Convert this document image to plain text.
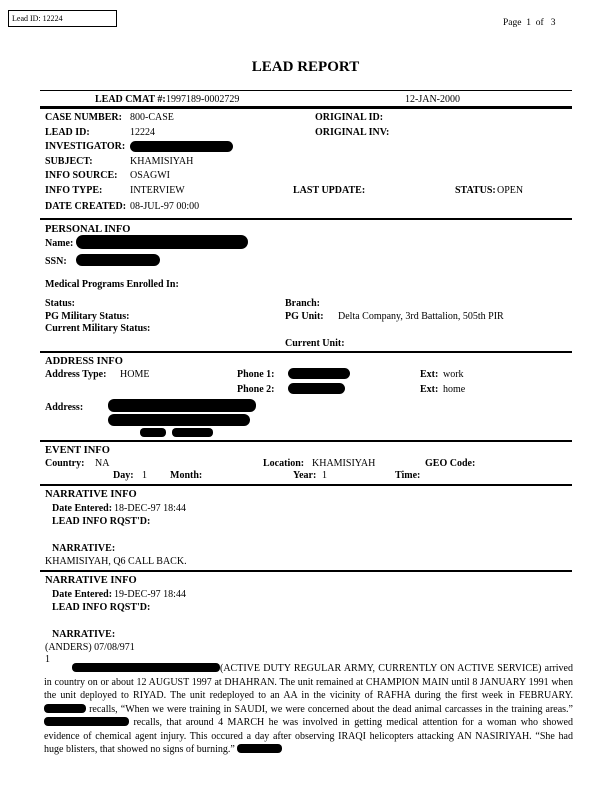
Lead ID: 12224	Page  1  of   3
LEAD REPORT
LEAD CMAT #: 1997189-0002729	12-JAN-2000
CASE NUMBER: 800-CASE	ORIGINAL ID:
LEAD ID:	12224	ORIGINAL INV:
INVESTIGATOR:
SUBJECT:	KHAMISIYAH
INFO SOURCE: OSAGWI
INFO TYPE:	INTERVIEW	LAST UPDATE:	STATUS: OPEN
DATE CREATED: 08-JUL-97 00:00
PERSONAL INFO
Name:
SSN:
Medical Programs Enrolled In:
Status:	Branch:
PG Military Status:	PG Unit: Delta Company, 3rd Battalion, 505th PIR
Current Military Status:
Current Unit:
ADDRESS INFO
Address Type: HOME	Phone 1:	Ext: work
Phone 2:	Ext: home
Address:
EVENT INFO
Country: NA	Location: KHAMISIYAH	GEO Code:
Day: 1 Month:	Year: 1	Time:
NARRATIVE INFO
Date Entered: 18-DEC-97 18:44
LEAD INFO RQST'D:
NARRATIVE:
KHAMISIYAH, Q6 CALL BACK.
NARRATIVE INFO
Date Entered: 19-DEC-97 18:44
LEAD INFO RQST'D:
NARRATIVE:
(ANDERS) 07/08/971
1

(ACTIVE DUTY REGULAR ARMY, CURRENTLY ON ACTIVE SERVICE) arrived in country on or about 12 AUGUST 1997 at DHAHRAN. The unit remained at CHAMPION MAIN until 8 JANUARY 1991 when the unit deployed to RIYAD. The unit redeployed to an AA in the vicinity of RAFHA during the first week in FEBRUARY.  recalls, “When we were training in SAUDI, we were concerned about the dead animal carcasses in the training areas.”  recalls, that around 4 MARCH he was involved in getting medical attention for a woman who showed evidence of chemical agent injury. This occured a day after observing IRAQI helicopters attacking AN NASIRIYAH. “She had huge blisters, that showed no signs of burning.”
